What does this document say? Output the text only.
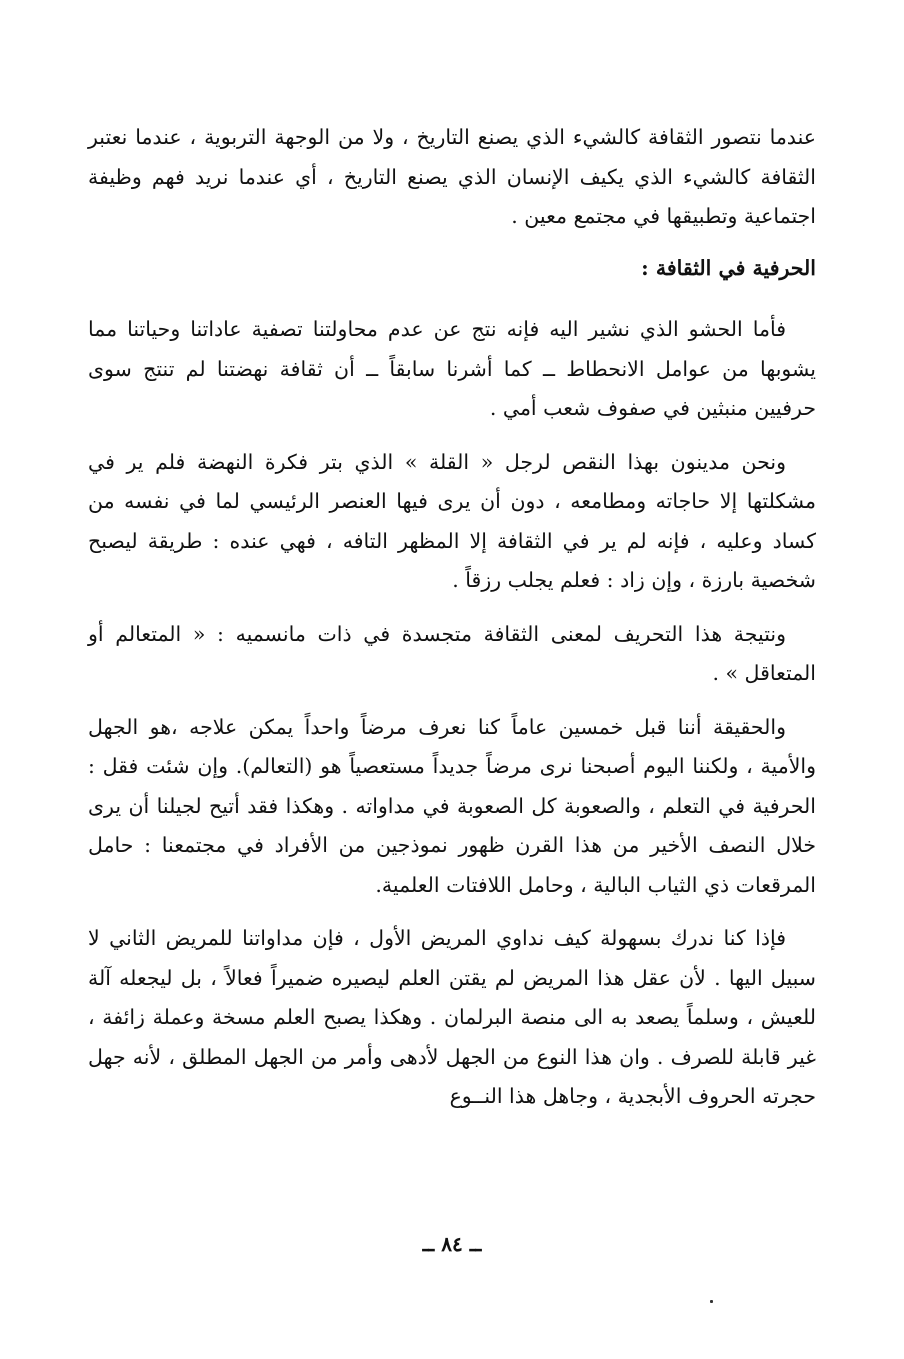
عندما نتصور الثقافة كالشيء الذي يصنع التاريخ ، ولا من الوجهة التربوية ، عندما نعتبر الثقافة كالشيء الذي يكيف الإنسان الذي يصنع التاريخ ، أي عندما نريد فهم وظيفة اجتماعية وتطبيقها في مجتمع معين .

الحرفية في الثقافة :

فأما الحشو الذي نشير اليه فإنه نتج عن عدم محاولتنا تصفية عاداتنا وحياتنا مما يشوبها من عوامل الانحطاط ــ كما أشرنا سابقاً ــ أن ثقافة نهضتنا لم تنتج سوى حرفيين منبثين في صفوف شعب أمي .

ونحن مدينون بهذا النقص لرجل « القلة » الذي بتر فكرة النهضة فلم ير في مشكلتها إلا حاجاته ومطامعه ، دون أن يرى فيها العنصر الرئيسي لما في نفسه من كساد وعليه ، فإنه لم ير في الثقافة إلا المظهر التافه ، فهي عنده : طريقة ليصبح شخصية بارزة ، وإن زاد : فعلم يجلب رزقاً .

ونتيجة هذا التحريف لمعنى الثقافة متجسدة في ذات مانسميه : « المتعالم أو المتعاقل » .

والحقيقة أننا قبل خمسين عاماً كنا نعرف مرضاً واحداً يمكن علاجه ،هو الجهل والأمية ، ولكننا اليوم أصبحنا نرى مرضاً جديداً مستعصياً هو (التعالم). وإن شئت فقل : الحرفية في التعلم ، والصعوبة كل الصعوبة في مداواته . وهكذا فقد أتيح لجيلنا أن يرى خلال النصف الأخير من هذا القرن ظهور نموذجين من الأفراد في مجتمعنا : حامل المرقعات ذي الثياب البالية ، وحامل اللافتات العلمية.

فإذا كنا ندرك بسهولة كيف نداوي المريض الأول ، فإن مداواتنا للمريض الثاني لا سبيل اليها . لأن عقل هذا المريض لم يقتن العلم ليصيره ضميراً فعالاً ، بل ليجعله آلة للعيش ، وسلماً يصعد به الى منصة البرلمان . وهكذا يصبح العلم مسخة وعملة زائفة ، غير قابلة للصرف . وان هذا النوع من الجهل لأدهى وأمر من الجهل المطلق ، لأنه جهل حجرته الحروف الأبجدية ، وجاهل هذا النــوع

ــ ٨٤ ــ
